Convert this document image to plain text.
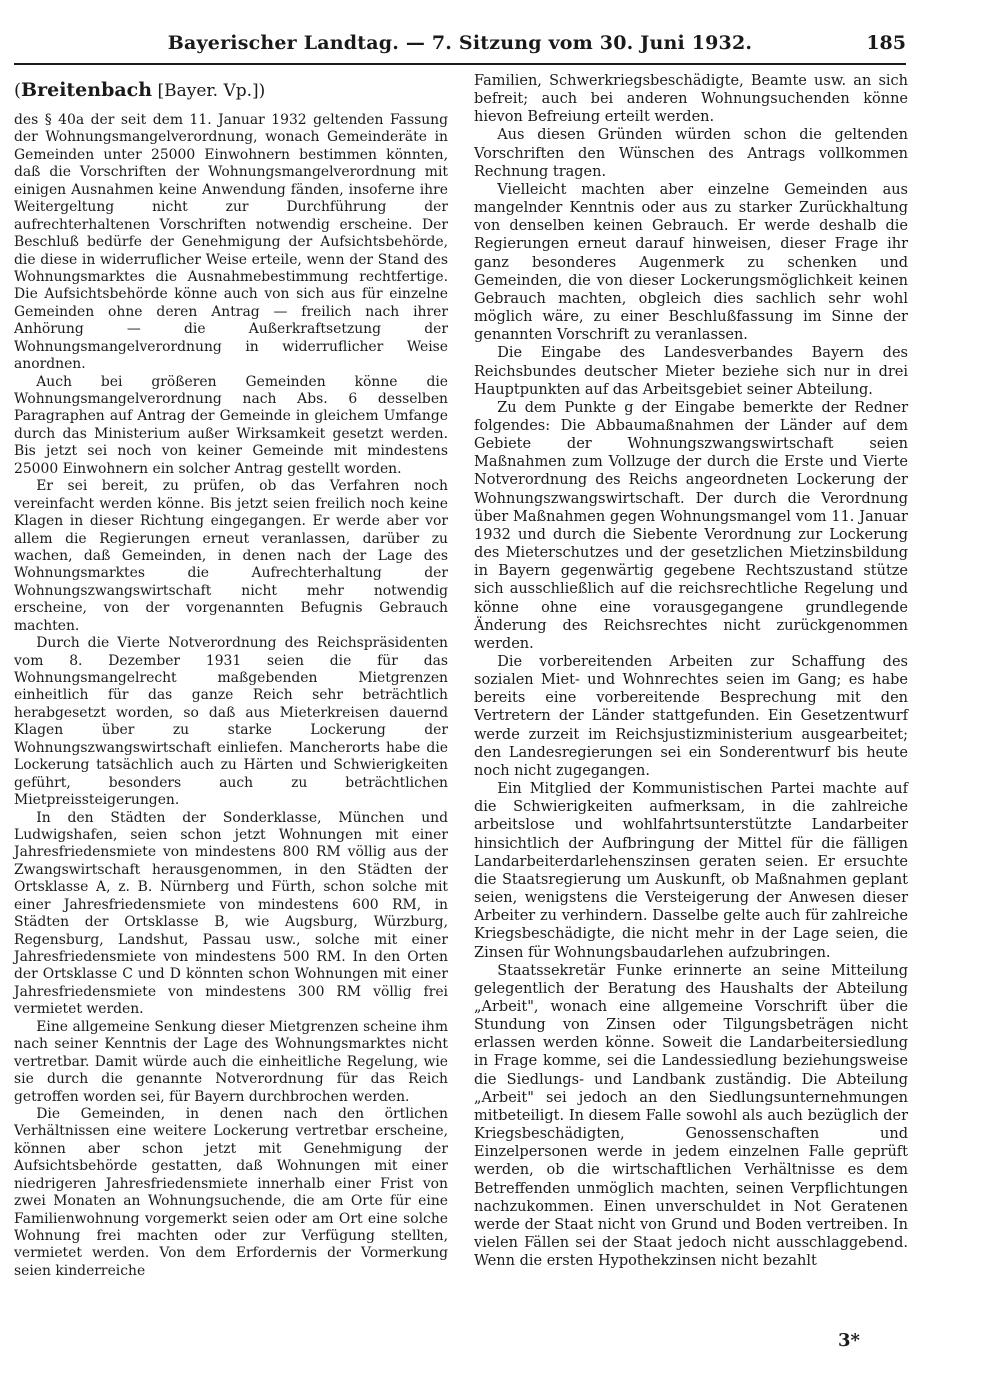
Bayerischer Landtag. — 7. Sitzung vom 30. Juni 1932.	185
(Breitenbach [Bayer. Vp.])

des § 40a der seit dem 11. Januar 1932 geltenden Fassung der Wohnungsmangelverordnung, wonach Gemeinderäte in Gemeinden unter 25000 Einwohnern bestimmen könnten, daß die Vorschriften der Wohnungsmangelverordnung mit einigen Ausnahmen keine Anwendung fänden, insoferne ihre Weitergeltung nicht zur Durchführung der aufrechterhaltenen Vorschriften notwendig erscheine. Der Beschluß bedürfe der Genehmigung der Aufsichtsbehörde, die diese in widerruflicher Weise erteile, wenn der Stand des Wohnungsmarktes die Ausnahmebestimmung rechtfertige. Die Aufsichtsbehörde könne auch von sich aus für einzelne Gemeinden ohne deren Antrag — freilich nach ihrer Anhörung — die Außerkraftsetzung der Wohnungsmangelverordnung in widerruflicher Weise anordnen.

Auch bei größeren Gemeinden könne die Wohnungsmangelverordnung nach Abs. 6 desselben Paragraphen auf Antrag der Gemeinde in gleichem Umfange durch das Ministerium außer Wirksamkeit gesetzt werden. Bis jetzt sei noch von keiner Gemeinde mit mindestens 25000 Einwohnern ein solcher Antrag gestellt worden.

Er sei bereit, zu prüfen, ob das Verfahren noch vereinfacht werden könne. Bis jetzt seien freilich noch keine Klagen in dieser Richtung eingegangen. Er werde aber vor allem die Regierungen erneut veranlassen, darüber zu wachen, daß Gemeinden, in denen nach der Lage des Wohnungsmarktes die Aufrechterhaltung der Wohnungszwangswirtschaft nicht mehr notwendig erscheine, von der vorgenannten Befugnis Gebrauch machten.

Durch die Vierte Notverordnung des Reichspräsidenten vom 8. Dezember 1931 seien die für das Wohnungsmangelrecht maßgebenden Mietgrenzen einheitlich für das ganze Reich sehr beträchtlich herabgesetzt worden, so daß aus Mieterkreisen dauernd Klagen über zu starke Lockerung der Wohnungszwangswirtschaft einliefen. Mancherorts habe die Lockerung tatsächlich auch zu Härten und Schwierigkeiten geführt, besonders auch zu beträchtlichen Mietpreissteigerungen.

In den Städten der Sonderklasse, München und Ludwigshafen, seien schon jetzt Wohnungen mit einer Jahresfriedensmiete von mindestens 800 RM völlig aus der Zwangswirtschaft herausgenommen, in den Städten der Ortsklasse A, z. B. Nürnberg und Fürth, schon solche mit einer Jahresfriedensmiete von mindestens 600 RM, in Städten der Ortsklasse B, wie Augsburg, Würzburg, Regensburg, Landshut, Passau usw., solche mit einer Jahresfriedensmiete von mindestens 500 RM. In den Orten der Ortsklasse C und D könnten schon Wohnungen mit einer Jahresfriedensmiete von mindestens 300 RM völlig frei vermietet werden.

Eine allgemeine Senkung dieser Mietgrenzen scheine ihm nach seiner Kenntnis der Lage des Wohnungsmarktes nicht vertretbar. Damit würde auch die einheitliche Regelung, wie sie durch die genannte Notverordnung für das Reich getroffen worden sei, für Bayern durchbrochen werden.

Die Gemeinden, in denen nach den örtlichen Verhältnissen eine weitere Lockerung vertretbar erscheine, können aber schon jetzt mit Genehmigung der Aufsichtsbehörde gestatten, daß Wohnungen mit einer niedrigeren Jahresfriedensmiete innerhalb einer Frist von zwei Monaten an Wohnungsuchende, die am Orte für eine Familienwohnung vorgemerkt seien oder am Ort eine solche Wohnung frei machten oder zur Verfügung stellten, vermietet werden. Von dem Erfordernis der Vormerkung seien kinderreiche

Familien, Schwerkriegsbeschädigte, Beamte usw. an sich befreit; auch bei anderen Wohnungsuchenden könne hievon Befreiung erteilt werden.

Aus diesen Gründen würden schon die geltenden Vorschriften den Wünschen des Antrags vollkommen Rechnung tragen.

Vielleicht machten aber einzelne Gemeinden aus mangelnder Kenntnis oder aus zu starker Zurückhaltung von denselben keinen Gebrauch. Er werde deshalb die Regierungen erneut darauf hinweisen, dieser Frage ihr ganz besonderes Augenmerk zu schenken und Gemeinden, die von dieser Lockerungsmöglichkeit keinen Gebrauch machten, obgleich dies sachlich sehr wohl möglich wäre, zu einer Beschlußfassung im Sinne der genannten Vorschrift zu veranlassen.

Die Eingabe des Landesverbandes Bayern des Reichsbundes deutscher Mieter beziehe sich nur in drei Hauptpunkten auf das Arbeitsgebiet seiner Abteilung.

Zu dem Punkte g der Eingabe bemerkte der Redner folgendes: Die Abbaumaßnahmen der Länder auf dem Gebiete der Wohnungszwangswirtschaft seien Maßnahmen zum Vollzuge der durch die Erste und Vierte Notverordnung des Reichs angeordneten Lockerung der Wohnungszwangswirtschaft. Der durch die Verordnung über Maßnahmen gegen Wohnungsmangel vom 11. Januar 1932 und durch die Siebente Verordnung zur Lockerung des Mieterschutzes und der gesetzlichen Mietzinsbildung in Bayern gegenwärtig gegebene Rechtszustand stütze sich ausschließlich auf die reichsrechtliche Regelung und könne ohne eine vorausgegangene grundlegende Änderung des Reichsrechtes nicht zurückgenommen werden.

Die vorbereitenden Arbeiten zur Schaffung des sozialen Miet- und Wohnrechtes seien im Gang; es habe bereits eine vorbereitende Besprechung mit den Vertretern der Länder stattgefunden. Ein Gesetzentwurf werde zurzeit im Reichsjustizministerium ausgearbeitet; den Landesregierungen sei ein Sonderentwurf bis heute noch nicht zugegangen.

Ein Mitglied der Kommunistischen Partei machte auf die Schwierigkeiten aufmerksam, in die zahlreiche arbeitslose und wohlfahrtsunterstützte Landarbeiter hinsichtlich der Aufbringung der Mittel für die fälligen Landarbeiterdarlehenszinsen geraten seien. Er ersuchte die Staatsregierung um Auskunft, ob Maßnahmen geplant seien, wenigstens die Versteigerung der Anwesen dieser Arbeiter zu verhindern. Dasselbe gelte auch für zahlreiche Kriegsbeschädigte, die nicht mehr in der Lage seien, die Zinsen für Wohnungsbaudarlehen aufzubringen.

Staatssekretär Funke erinnerte an seine Mitteilung gelegentlich der Beratung des Haushalts der Abteilung „Arbeit", wonach eine allgemeine Vorschrift über die Stundung von Zinsen oder Tilgungsbeträgen nicht erlassen werden könne. Soweit die Landarbeitersiedlung in Frage komme, sei die Landessiedlung beziehungsweise die Siedlungs- und Landbank zuständig. Die Abteilung „Arbeit" sei jedoch an den Siedlungsunternehmungen mitbeteiligt. In diesem Falle sowohl als auch bezüglich der Kriegsbeschädigten, Genossenschaften und Einzelpersonen werde in jedem einzelnen Falle geprüft werden, ob die wirtschaftlichen Verhältnisse es dem Betreffenden unmöglich machten, seinen Verpflichtungen nachzukommen. Einen unverschuldet in Not Geratenen werde der Staat nicht von Grund und Boden vertreiben. In vielen Fällen sei der Staat jedoch nicht ausschlaggebend. Wenn die ersten Hypothekzinsen nicht bezahlt

3*
